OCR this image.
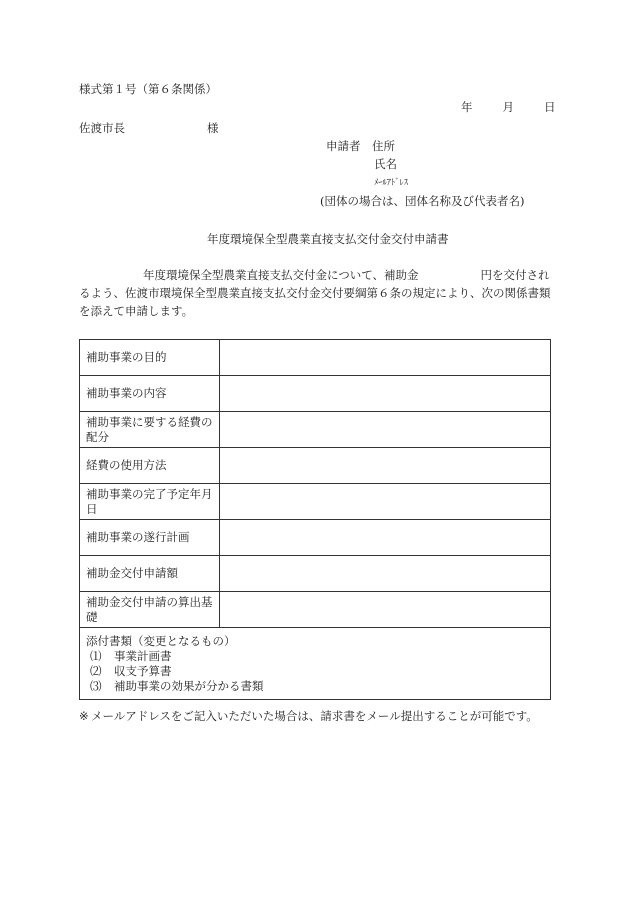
様式第１号（第６条関係）
年	月	日
佐渡市長	様
申請者　住所
氏名
ﾒｰﾙｱﾄﾞﾚｽ
(団体の場合は、団体名称及び代表者名)
年度環境保全型農業直接支払交付金交付申請書
年度環境保全型農業直接支払交付金について、補助金	円を交付されるよう、佐渡市環境保全型農業直接支払交付金交付要綱第６条の規定により、次の関係書類を添えて申請します。
補助事業の目的	
補助事業の内容	
補助事業に要する経費の配分	
経費の使用方法	
補助事業の完了予定年月日	
補助事業の遂行計画	
補助金交付申請額	
補助金交付申請の算出基礎	

添付書類（変更となるもの）
⑴ 事業計画書
⑵ 収支予算書
⑶ 補助事業の効果が分かる書類	
※ メールアドレスをご記入いただいた場合は、請求書をメール提出することが可能です。
